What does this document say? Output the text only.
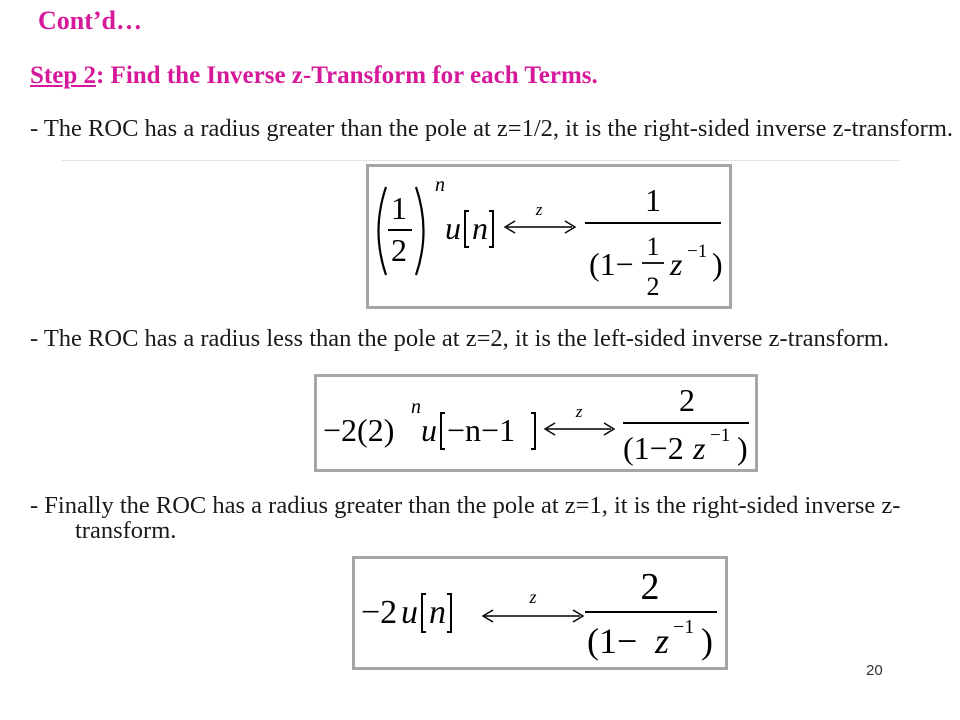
Cont’d…
Step 2: Find the Inverse z-Transform for each Terms.
- The ROC has a radius greater than the pole at z=1/2, it is the right-sided inverse z-transform.
1
2
n
u n
z	1
(1− 1
2
z −1 )
- The ROC has a radius less than the pole at z=2, it is the left-sided inverse z-transform.
−2(2)
n
u −n−1
z	2
(1−2 z −1 )
- Finally the ROC has a radius greater than the pole at z=1, it is the right-sided inverse z-transform.
−2 u n	z	2
(1− z −1 )
20
